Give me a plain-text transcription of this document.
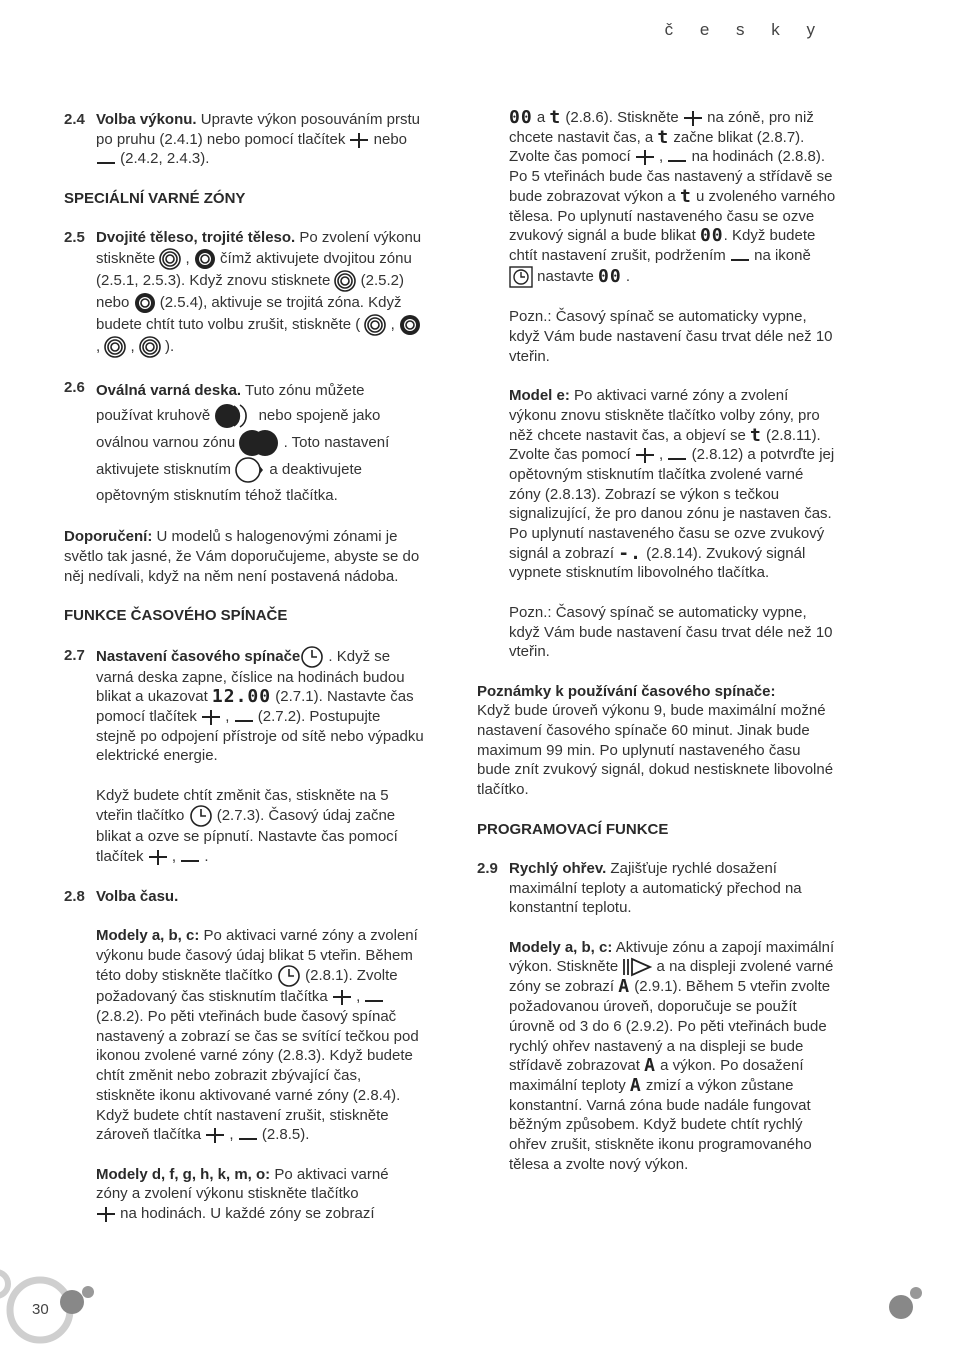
č e s k y
2.4 Volba výkonu. Upravte výkon posouváním prstu po pruhu (2.4.1) nebo pomocí tlačítek
nebo
(2.4.2, 2.4.3).
SPECIÁLNÍ VARNÉ ZÓNY
2.5 Dvojité těleso, trojité těleso. Po zvolení výkonu stiskněte
,
čímž aktivujete dvojitou zónu (2.5.1, 2.5.3). Když znovu stisknete
(2.5.2) nebo
(2.5.4), aktivuje se trojitá zóna. Když budete chtít tuto volbu zrušit, stiskněte (
,
,
,
).
2.6 Oválná varná deska. Tuto zónu můžete používat kruhově	nebo spojeně jako oválnou varnou zónu	. Toto nastavení aktivujete stisknutím
a deaktivujete opětovným stisknutím téhož tlačítka.
Doporučení: U modelů s halogenovými zónami je světlo tak jasné, že Vám doporučujeme, abyste se do něj nedívali, když na něm není postavená nádoba.
FUNKCE ČASOVÉHO SPÍNAČE
2.7 Nastavení časového spínače
. Když se varná deska zapne, číslice na hodinách budou blikat a ukazovat 12.00 (2.7.1). Nastavte čas pomocí tlačítek
,
(2.7.2). Postupujte stejně po odpojení přístroje od sítě nebo výpadku elektrické energie.
Když budete chtít změnit čas, stiskněte na 5 vteřin tlačítko
(2.7.3). Časový údaj začne blikat a ozve se pípnutí. Nastavte čas pomocí tlačítek
,
.
2.8 Volba času.
Modely a, b, c: Po aktivaci varné zóny a zvolení výkonu bude časový údaj blikat 5 vteřin. Během této doby stiskněte tlačítko
(2.8.1). Zvolte požadovaný čas stisknutím tlačítka
,
(2.8.2). Po pěti vteřinách bude časový spínač nastavený a zobrazí se čas se svítící tečkou pod ikonou zvolené varné zóny (2.8.3). Když budete chtít změnit nebo zobrazit zbývající čas, stiskněte ikonu aktivované varné zóny (2.8.4). Když budete chtít nastavení zrušit, stiskněte zároveň tlačítka
,
(2.8.5).
Modely d, f, g, h, k, m, o: Po aktivaci varné zóny a zvolení výkonu stiskněte tlačítko

na hodinách. U každé zóny se zobrazí
00 a t (2.8.6). Stiskněte
na zóně, pro niž chcete nastavit čas, a t začne blikat (2.8.7). Zvolte čas pomocí
,
na hodinách (2.8.8). Po 5 vteřinách bude čas nastavený a střídavě se bude zobrazovat výkon a t u zvoleného varného tělesa. Po uplynutí nastaveného času se ozve zvukový signál a bude blikat 00. Když budete chtít nastavení zrušit, podržením
na ikoně
nastavte 00 .
Pozn.: Časový spínač se automaticky vypne, když Vám bude nastavení času trvat déle než 10 vteřin.
Model e: Po aktivaci varné zóny a zvolení výkonu znovu stiskněte tlačítko volby zóny, pro něž chcete nastavit čas, a objeví se t (2.8.11). Zvolte čas pomocí
,
(2.8.12) a potvrďte jej opětovným stisknutím tlačítka zvolené varné zóny (2.8.13). Zobrazí se výkon s tečkou signalizující, že pro danou zónu je nastaven čas. Po uplynutí nastaveného času se ozve zvukový signál a zobrazí -. (2.8.14). Zvukový signál vypnete stisknutím libovolného tlačítka.
Pozn.: Časový spínač se automaticky vypne, když Vám bude nastavení času trvat déle než 10 vteřin.
Poznámky k používání časového spínače:
Když bude úroveň výkonu 9, bude maximální možné nastavení časového spínače 60 minut. Jinak bude maximum 99 min. Po uplynutí nastaveného času bude znít zvukový signál, dokud nestisknete libovolné tlačítko.
PROGRAMOVACÍ FUNKCE
2.9 Rychlý ohřev. Zajišťuje rychlé dosažení maximální teploty a automatický přechod na konstantní teplotu.
Modely a, b, c: Aktivuje zónu a zapojí maximální výkon. Stiskněte
a na displeji zvolené varné zóny se zobrazí A (2.9.1). Během 5 vteřin zvolte požadovanou úroveň, doporučuje se použít úrovně od 3 do 6 (2.9.2). Po pěti vteřinách bude rychlý ohřev nastavený a na displeji se bude střídavě zobrazovat A a výkon. Po dosažení maximální teploty A zmizí a výkon zůstane konstantní. Varná zóna bude nadále fungovat běžným způsobem. Když budete chtít rychlý ohřev zrušit, stiskněte ikonu programovaného tělesa a zvolte nový výkon.
30
